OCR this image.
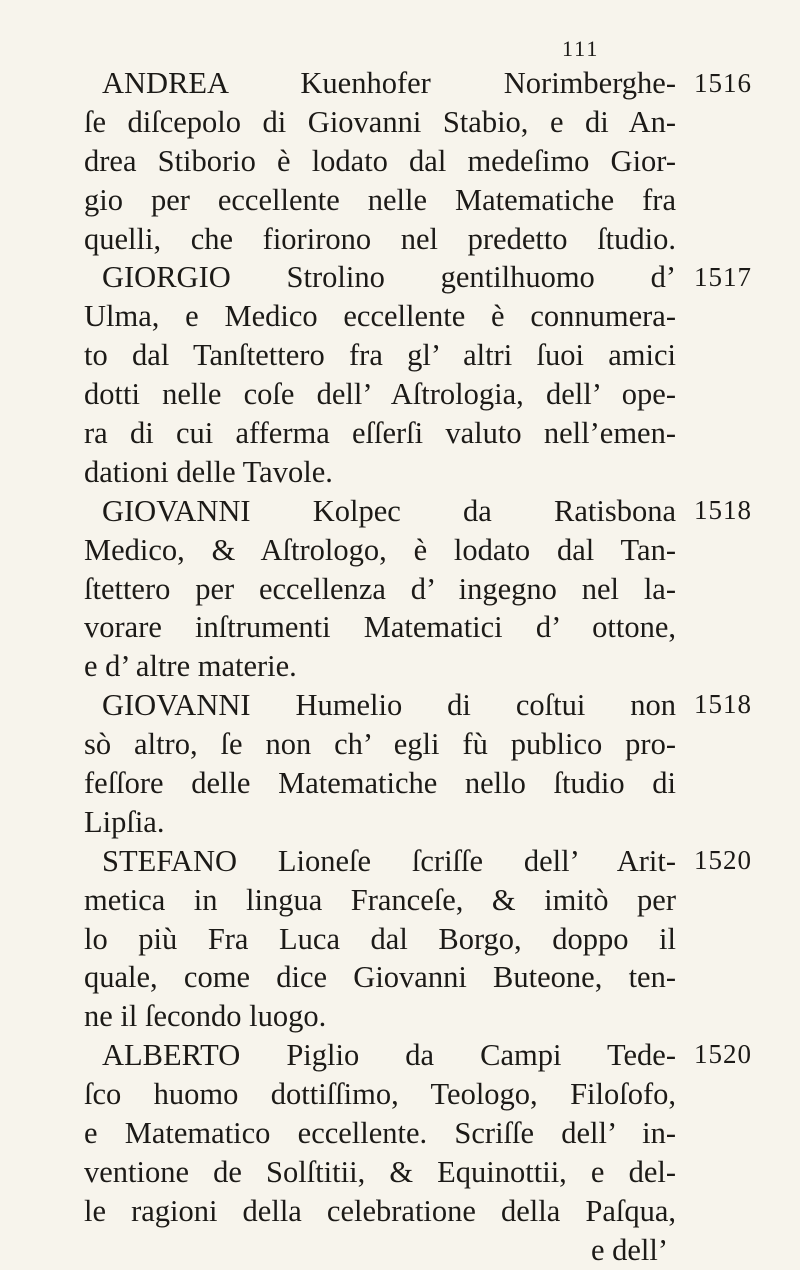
111
ANDREA Kuenhofer Norimberghe-
ſe diſcepolo di Giovanni Stabio, e di An-
drea Stiborio è lodato dal medeſimo Gior-
gio per eccellente nelle Matematiche fra
quelli, che fiorirono nel predetto ſtudio.
GIORGIO Strolino gentilhuomo d’
Ulma, e Medico eccellente è connumera-
to dal Tanſtettero fra gl’ altri ſuoi amici
dotti nelle coſe dell’ Aſtrologia, dell’ ope-
ra di cui afferma eſſerſi valuto nell’emen-
dationi delle Tavole.
GIOVANNI Kolpec da Ratisbona
Medico, & Aſtrologo, è lodato dal Tan-
ſtettero per eccellenza d’ ingegno nel la-
vorare inſtrumenti Matematici d’ ottone,
e d’ altre materie.
GIOVANNI Humelio di coſtui non
sò altro, ſe non ch’ egli fù publico pro-
feſſore delle Matematiche nello ſtudio di
Lipſia.
STEFANO Lioneſe ſcriſſe dell’ Arit-
metica in lingua Franceſe, & imitò per
lo più Fra Luca dal Borgo, doppo il
quale, come dice Giovanni Buteone, ten-
ne il ſecondo luogo.
ALBERTO Piglio da Campi Tede-
ſco huomo dottiſſimo, Teologo, Filoſofo,
e Matematico eccellente. Scriſſe dell’ in-
ventione de Solſtitii, & Equinottii, e del-
le ragioni della celebratione della Paſqua,
e dell’
1516
1517
1518
1518
1520
1520
